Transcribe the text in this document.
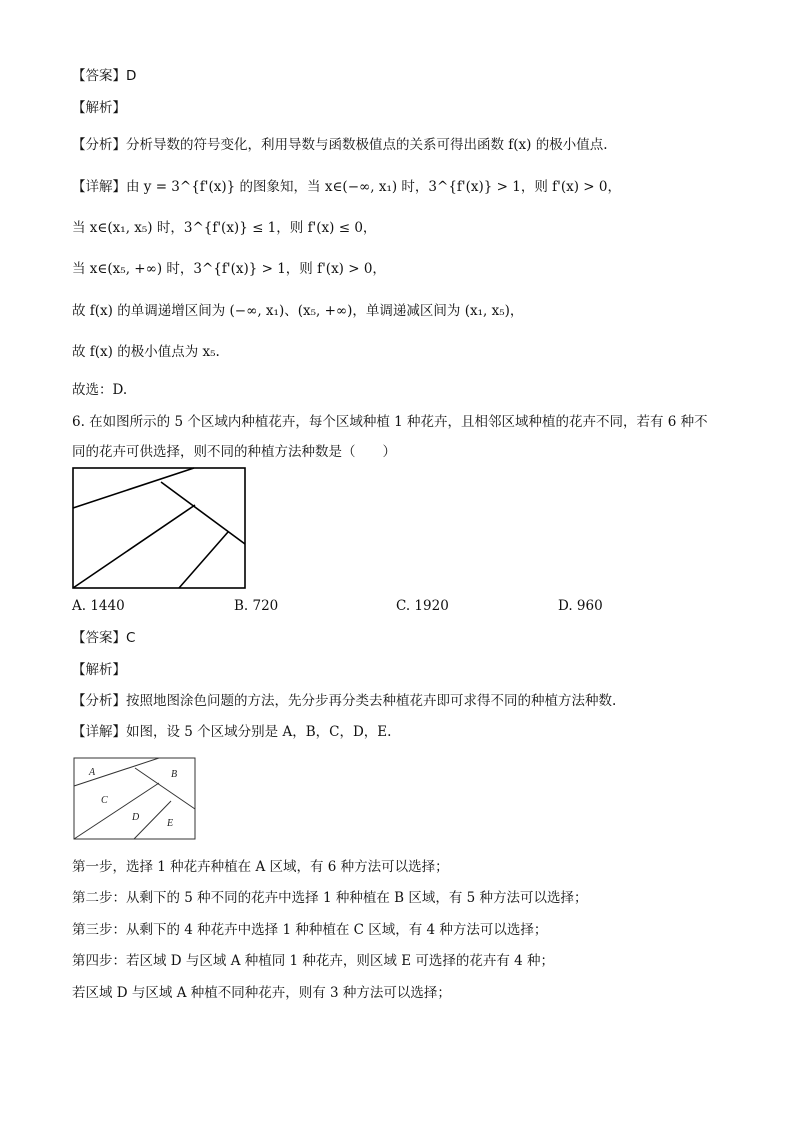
【答案】D
【解析】
【分析】分析导数的符号变化，利用导数与函数极值点的关系可得出函数 f(x) 的极小值点.
【详解】由 y = 3^{f'(x)} 的图象知，当 x∈(−∞, x₁) 时，3^{f'(x)} > 1，则 f'(x) > 0，
当 x∈(x₁, x₅) 时，3^{f'(x)} ≤ 1，则 f'(x) ≤ 0，
当 x∈(x₅, +∞) 时，3^{f'(x)} > 1，则 f'(x) > 0，
故 f(x) 的单调递增区间为 (−∞, x₁)、(x₅, +∞)，单调递减区间为 (x₁, x₅)，
故 f(x) 的极小值点为 x₅.
故选：D.
6. 在如图所示的 5 个区域内种植花卉，每个区域种植 1 种花卉，且相邻区域种植的花卉不同，若有 6 种不
同的花卉可供选择，则不同的种植方法种数是（　　）
A. 1440	B. 720	C. 1920	D. 960
【答案】C
【解析】
【分析】按照地图涂色问题的方法，先分步再分类去种植花卉即可求得不同的种植方法种数.
【详解】如图，设 5 个区域分别是 A，B，C，D，E.
A	B
C
D
E
第一步，选择 1 种花卉种植在 A 区域，有 6 种方法可以选择；
第二步：从剩下的 5 种不同的花卉中选择 1 种种植在 B 区域，有 5 种方法可以选择；
第三步：从剩下的 4 种花卉中选择 1 种种植在 C 区域，有 4 种方法可以选择；
第四步：若区域 D 与区域 A 种植同 1 种花卉，则区域 E 可选择的花卉有 4 种；
若区域 D 与区域 A 种植不同种花卉，则有 3 种方法可以选择；
